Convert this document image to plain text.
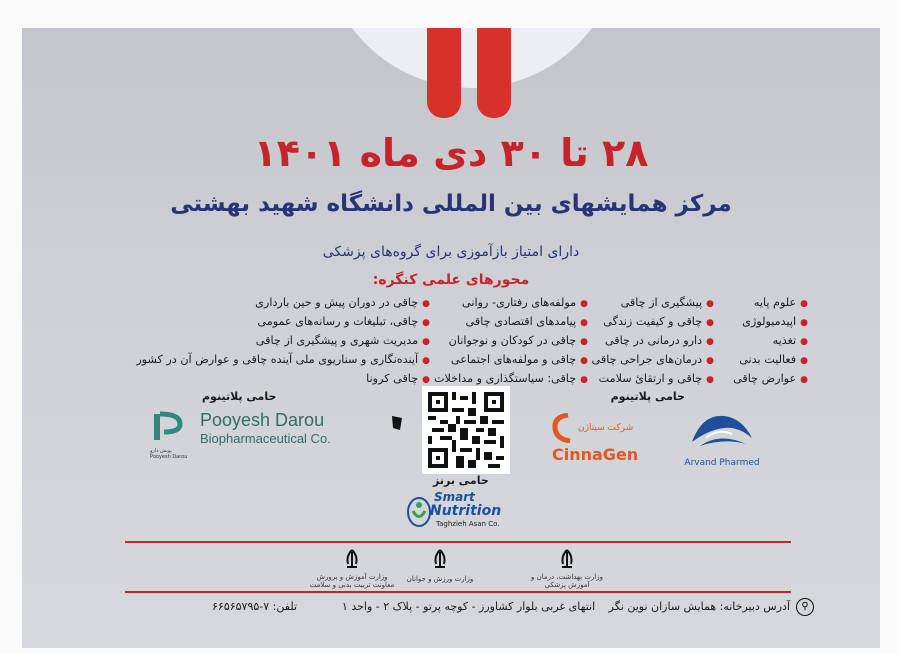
۲۸ تا ۳۰ دی ماه ۱۴۰۱
مرکز همایشهای بین المللی دانشگاه شهید بهشتی
دارای امتیاز بازآموزی برای گروه‌های پزشکی
محورهای علمی کنگره:
● علوم پایه
● اپیدمیولوژی
● تغذیه
● فعالیت بدنی
● عوارض چاقی
● پیشگیری از چاقی
● چاقی و کیفیت زندگی
● دارو درمانی در چاقی
● درمان‌های جراحی چاقی
● چاقی و ارتقائ سلامت
● مولفه‌های رفتاری- روانی
● پیامدهای اقتصادی چاقی
● چاقی در کودکان و نوجوانان
● چاقی و مولفه‌های اجتماعی
● چاقی: سیاستگذاری و مداخلات
● چاقی در دوران پیش و حین بارداری
● چاقی، تبلیغات و رسانه‌های عمومی
● مدیریت شهری و پیشگیری از چاقی
● آینده‌نگاری و سناریوی ملی آینده چاقی و عوارض آن در کشور
● چاقی کرونا
حامی پلاتینوم
حامی پلاتینوم
Arvand Pharmed
شرکت سیناژن
CinnaGen
پویش دارو
Pooyesh Darou
Pooyesh Darou
Biopharmaceutical Co.
حامی برنز
Smart
Nutrition
Taghzieh Asan Co.
وزارت آموزش و پرورش
معاونت تربیت بدنی و سلامت
وزارت ورزش و جوانان	وزارت بهداشت، درمان و آموزش پزشکی
⚲
آدرس دبیرخانه: همایش سازان نوین نگر انتهای غربی بلوار کشاورز - کوچه پرتو - پلاک ۲ - واحد ۱
تلفن: ۷-۶۶۵۶۵۷۹۵
